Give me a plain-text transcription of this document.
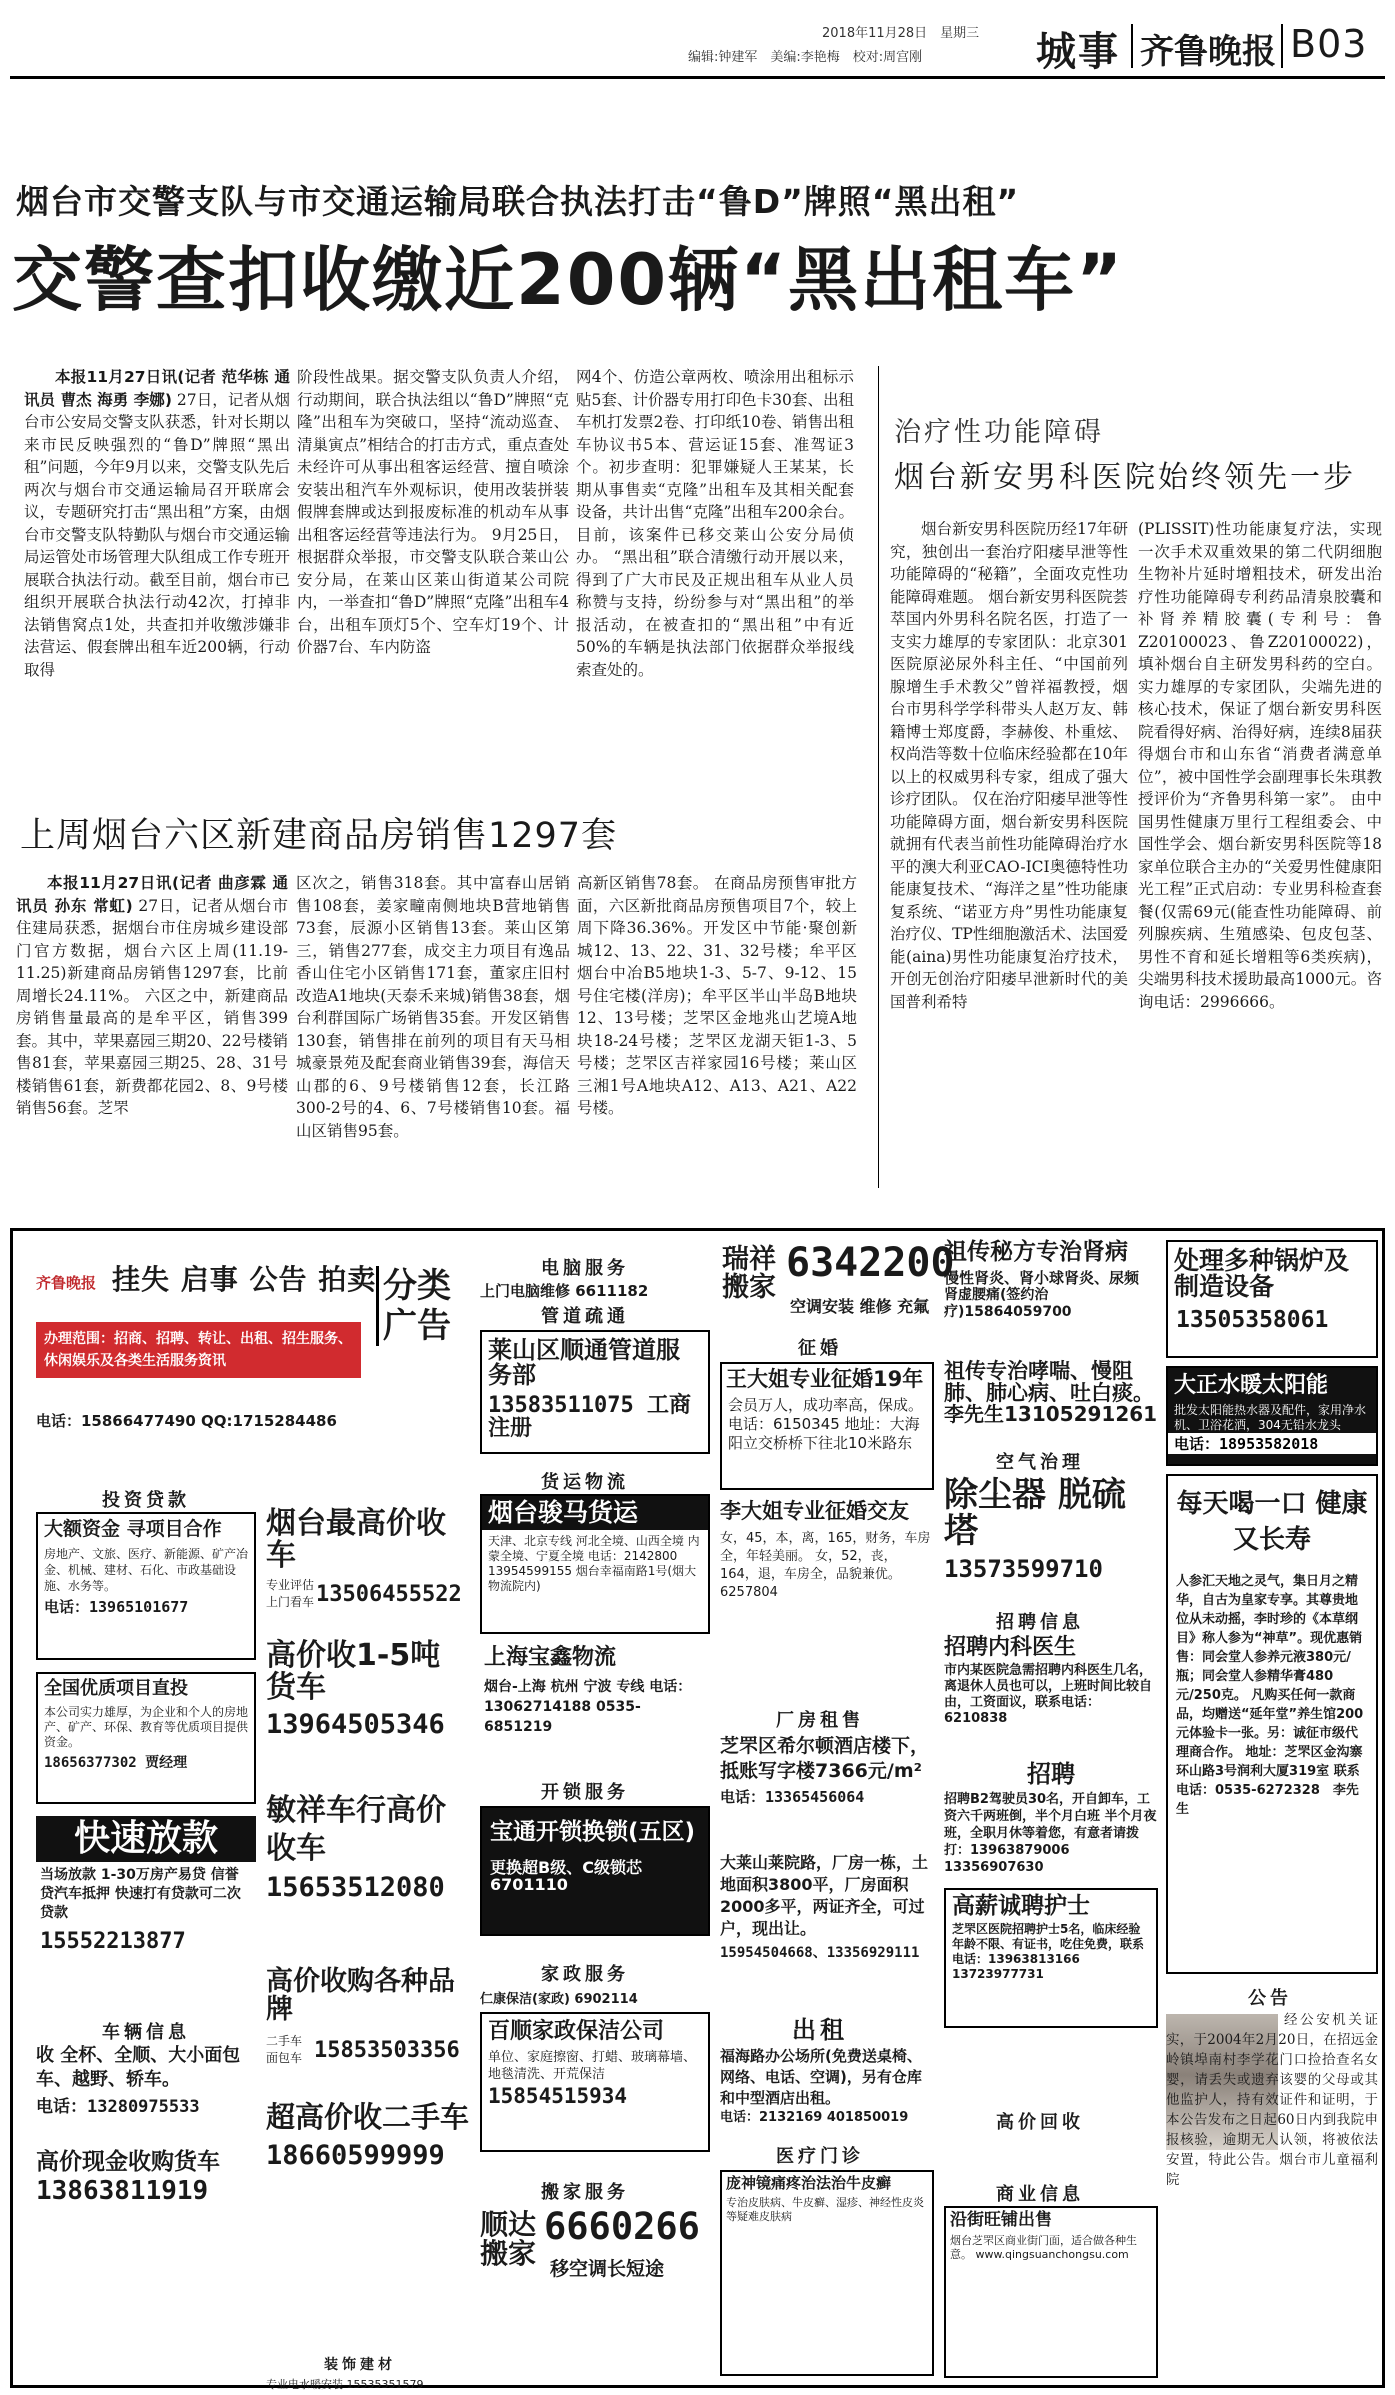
2018年11月28日　星期三
编辑:钟建军　美编:李艳梅　校对:周宫刚	城事 齐鲁晚报 B03
烟台市交警支队与市交通运输局联合执法打击“鲁D”牌照“黑出租”
交警查扣收缴近200辆“黑出租车”

本报11月27日讯(记者 范华栋 通讯员 曹杰 海勇 李娜) 27日，记者从烟台市公安局交警支队获悉，针对长期以来市民反映强烈的“鲁D”牌照“黑出租”问题，今年9月以来，交警支队先后两次与烟台市交通运输局召开联席会议，专题研究打击“黑出租”方案，由烟台市交警支队特勤队与烟台市交通运输局运管处市场管理大队组成工作专班开展联合执法行动。截至目前，烟台市已组织开展联合执法行动42次，打掉非法销售窝点1处，共查扣并收缴涉嫌非法营运、假套牌出租车近200辆，行动取得

阶段性战果。据交警支队负责人介绍，行动期间，联合执法组以“鲁D”牌照“克隆”出租车为突破口，坚持“流动巡查、清巢寅点”相结合的打击方式，重点查处未经许可从事出租客运经营、擅自喷涂安装出租汽车外观标识，使用改装拼装假牌套牌或达到报废标准的机动车从事出租客运经营等违法行为。 9月25日，根据群众举报，市交警支队联合莱山公安分局，在莱山区莱山街道某公司院内，一举查扣“鲁D”牌照“克隆”出租车4台，出租车顶灯5个、空车灯19个、计价器7台、车内防盗

网4个、仿造公章两枚、喷涂用出租标示贴5套、计价器专用打印色卡30套、出租车机打发票2卷、打印纸10卷、销售出租车协议书5本、营运证15套、准驾证3个。初步查明：犯罪嫌疑人王某某，长期从事售卖“克隆”出租车及其相关配套设备，共计出售“克隆”出租车200余台。目前，该案件已移交莱山公安分局侦办。 “黑出租”联合清缴行动开展以来，得到了广大市民及正规出租车从业人员称赞与支持，纷纷参与对“黑出租”的举报活动，在被查扣的“黑出租”中有近50%的车辆是执法部门依据群众举报线索查处的。

上周烟台六区新建商品房销售1297套

本报11月27日讯(记者 曲彦霖 通讯员 孙东 常虹) 27日，记者从烟台市住建局获悉，据烟台市住房城乡建设部门官方数据，烟台六区上周(11.19-11.25)新建商品房销售1297套，比前周增长24.11%。 六区之中，新建商品房销售量最高的是牟平区，销售399套。其中，苹果嘉园三期20、22号楼销售81套，苹果嘉园三期25、28、31号楼销售61套，新费都花园2、8、9号楼销售56套。芝罘

区次之，销售318套。其中富春山居销售108套，姜家疃南侧地块B营地销售73套，辰源小区销售13套。莱山区第三，销售277套，成交主力项目有逸品香山住宅小区销售171套，董家庄旧村改造A1地块(天泰禾来城)销售38套，烟台利群国际广场销售35套。开发区销售130套，销售排在前列的项目有天马相城豪景苑及配套商业销售39套，海信天山郡的6、9号楼销售12套，长江路300-2号的4、6、7号楼销售10套。福山区销售95套。

高新区销售78套。 在商品房预售审批方面，六区新批商品房预售项目7个，较上周下降36.36%。开发区中节能·聚创新城12、13、22、31、32号楼；牟平区烟台中冶B5地块1-3、5-7、9-12、15号住宅楼(洋房)；牟平区半山半岛B地块12、13号楼；芝罘区金地兆山艺境A地块18-24号楼；芝罘区龙湖天钜1-3、5号楼；芝罘区吉祥家园16号楼；莱山区三湘1号A地块A12、A13、A21、A22号楼。

治疗性功能障碍
烟台新安男科医院始终领先一步

烟台新安男科医院历经17年研究，独创出一套治疗阳痿早泄等性功能障碍的“秘籍”，全面攻克性功能障碍难题。 烟台新安男科医院荟萃国内外男科名院名医，打造了一支实力雄厚的专家团队：北京301医院原泌尿外科主任、“中国前列腺增生手术教父”曾祥福教授，烟台市男科学学科带头人赵万友、韩籍博士郑度爵，李赫俊、朴重炫、权尚浩等数十位临床经验都在10年以上的权威男科专家，组成了强大诊疗团队。 仅在治疗阳痿早泄等性功能障碍方面，烟台新安男科医院就拥有代表当前性功能障碍治疗水平的澳大利亚CAO-ICI奥德特性功能康复技术、“海洋之星”性功能康复系统、“诺亚方舟”男性功能康复治疗仪、TP性细胞激活术、法国爱能(aina)男性功能康复治疗技术，开创无创治疗阳痿早泄新时代的美国普利希特

(PLISSIT)性功能康复疗法，实现一次手术双重效果的第二代阴细胞生物补片延时增粗技术，研发出治疗性功能障碍专利药品清泉胶囊和补肾养精胶囊(专利号：鲁Z20100023、鲁Z20100022)，填补烟台自主研发男科药的空白。 实力雄厚的专家团队，尖端先进的核心技术，保证了烟台新安男科医院看得好病、治得好病，连续8届获得烟台市和山东省“消费者满意单位”，被中国性学会副理事长朱琪教授评价为“齐鲁男科第一家”。 由中国男性健康万里行工程组委会、中国性学会、烟台新安男科医院等18家单位联合主办的“关爱男性健康阳光工程”正式启动：专业男科检查套餐(仅需69元(能查性功能障碍、前列腺疾病、生殖感染、包皮包茎、男性不育和延长增粗等6类疾病)，尖端男科技术援助最高1000元。咨询电话：2996666。

齐鲁晚报 挂失 启事 公告 拍卖
办理范围：招商、招聘、转让、出租、招生服务、休闲娱乐及各类生活服务资讯
电话：15866477490 QQ:1715284486
分类广告
电脑服务
上门电脑维修 6611182
管道疏通
投资贷款
货运物流
征婚
空气治理
招聘信息
厂房租售
开锁服务
车辆信息
家政服务
出租
医疗门诊
高价回收
搬家服务	商业信息
装饰建材
公告
瑞祥搬家
6342200
空调安装 维修 充氟
祖传秘方专治肾病
慢性肾炎、肾小球肾炎、尿频
肾虚腰痛(签约治疗)15864059700
处理多种锅炉及制造设备
13505358061
莱山区顺通管道服务部
13583511075 工商注册
王大姐专业征婚19年
会员万人，成功率高，保成。电话：6150345 地址：大海阳立交桥桥下往北10米路东
祖传专治哮喘、慢阻肺、肺心病、吐白痰。
李先生13105291261
大正水暖太阳能
批发太阳能热水器及配件，家用净水机、卫浴花洒，304无铅水龙头
电话：18953582018
大额资金 寻项目合作
房地产、文旅、医疗、新能源、矿产冶金、机械、建材、石化、市政基础设施、水务等。
电话：13965101677
烟台最高价收车
专业评估 上门看车 13506455522
烟台骏马货运
天津、北京专线 河北全境、山西全境 内蒙全境、宁夏全境 电话：2142800 13954599155 烟台幸福南路1号(烟大物流院内)
李大姐专业征婚交友
女，45，本，离，165，财务，车房全，年轻美丽。 女，52，丧，164，退，车房全，品貌兼优。 6257804
除尘器 脱硫塔
13573599710
每天喝一口 健康又长寿
人参汇天地之灵气，集日月之精华，自古为皇家专享。其尊贵地位从未动摇，李时珍的《本草纲目》称人参为“神草”。现优惠销售：同会堂人参养元液380元/瓶；同会堂人参精华膏480元/250克。 凡购买任何一款商品，均赠送“延年堂”养生馆200元体验卡一张。另：诚征市级代理商合作。 地址：芝罘区金沟寨环山路3号润利大厦319室 联系电话：0535-6272328　李先生
全国优质项目直投
本公司实力雄厚，为企业和个人的房地产、矿产、环保、教育等优质项目提供资金。
18656377302 贾经理
高价收1-5吨货车
13964505346
上海宝鑫物流
烟台-上海 杭州 宁波 专线 电话：13062714188 0535-6851219
招聘内科医生
市内某医院急需招聘内科医生几名，离退休人员也可以，上班时间比较自由，工资面议，联系电话：6210838
芝罘区希尔顿酒店楼下，抵账写字楼7366元/m²
电话：13365456064
招聘
招聘B2驾驶员30名，开自卸车，工资六千两班倒，半个月白班 半个月夜班，全职月休等着您，有意者请拨打：13963879006 13356907630
快速放款
当场放款 1-30万房产易贷 信誉贷汽车抵押 快速打有贷款可二次贷款
15552213877
敏祥车行高价收车
15653512080
宝通开锁换锁(五区)
更换超B级、C级锁芯6701110
大莱山莱院路，厂房一栋，土地面积3800平，厂房面积2000多平，两证齐全，可过户，现出让。
15954504668、13356929111
高薪诚聘护士
芝罘区医院招聘护士5名，临床经验年龄不限、有证书，吃住免费，联系电话：13963813166 13723977731
高价收购各种品牌
二手车 面包车 15853503356
仁康保洁(家政) 6902114
百顺家政保洁公司
单位、家庭擦窗、打蜡、玻璃幕墙、地毯清洗、开荒保洁
15854515934
福海路办公场所(免费送桌椅、网络、电话、空调)，另有仓库和中型酒店出租。
电话：2132169 401850019
收 全杯、全顺、大小面包车、越野、轿车。
电话：13280975533	超高价收二手车
18660599999
经公安机关证实，于2004年2月20日，在招远金岭镇埠南村李学花门口捡拾查名女婴，请丢失或遗弃该婴的父母或其他监护人，持有效证件和证明，于本公告发布之日起60日内到我院申报核验，逾期无人认领，将被依法安置，特此公告。烟台市儿童福利院
顺达搬家
6660266
移空调长短途
庞神镜痛疼治法治牛皮癣
专治皮肤病、牛皮癣、湿疹、神经性皮炎等疑难皮肤病	沿街旺铺出售
烟台芝罘区商业街门面，适合做各种生意。 www.qingsuanchongsu.com
高价现金收购货车
13863811919
专业电水暖安装 15535351579
